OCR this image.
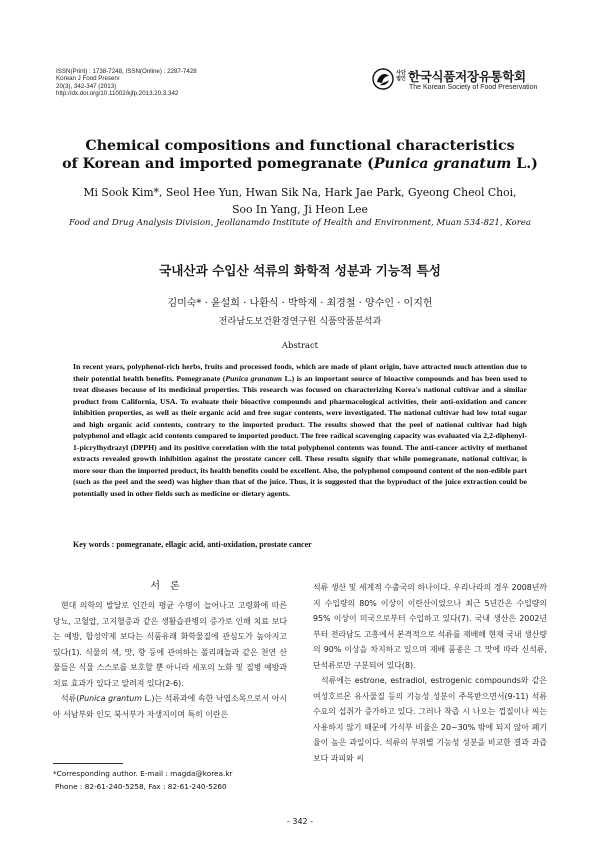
ISSN(Print) : 1738-7248, ISSN(Online) : 2287-7428
Korean J Food Preserv
20(3), 342-347 (2013)
http://dx.doi.org/10.11002/kjfp.2013.20.3.342
사단
법인 한국식품저장유통학회
The Korean Society of Food Preservation
Chemical compositions and functional characteristics
of Korean and imported pomegranate (Punica granatum L.)
Mi Sook Kim*, Seol Hee Yun, Hwan Sik Na, Hark Jae Park, Gyeong Cheol Choi,
Soo In Yang, Ji Heon Lee
Food and Drug Analysis Division, Jeollanamdo Institute of Health and Environment, Muan 534-821, Korea
국내산과 수입산 석류의 화학적 성분과 기능적 특성
김미숙* · 윤설희 · 나환식 · 박학재 · 최경철 · 양수인 · 이지헌
전라남도보건환경연구원 식품약품분석과
Abstract

In recent years, polyphenol-rich herbs, fruits and processed foods, which are made of plant origin, have attracted much attention due to their potential health benefits. Pomegranate (Punica granatum L.) is an important source of bioactive compounds and has been used to treat diseases because of its medicinal properties. This research was focused on characterizing Korea's national cultivar and a similar product from California, USA. To evaluate their bioactive compounds and pharmacological activities, their anti-oxidation and cancer inhibition properties, as well as their organic acid and free sugar contents, were investigated. The national cultivar had low total sugar and high organic acid contents, contrary to the imported product. The results showed that the peel of national cultivar had high polyphenol and ellagic acid contents compared to imported product. The free radical scavenging capacity was evaluated via 2,2-diphenyl-1-picrylhydrazyl (DPPH) and its positive correlation with the total polyphenol contents was found. The anti-cancer activity of methanol extracts revealed growth inhibition against the prostate cancer cell. These results signify that while pomegranate, national cultivar, is more sour than the imported product, its health benefits could be excellent. Also, the polyphenol compound content of the non-edible part (such as the peel and the seed) was higher than that of the juice. Thus, it is suggested that the byproduct of the juice extraction could be potentially used in other fields such as medicine or dietary agents.

Key words : pomegranate, ellagic acid, anti-oxidation, prostate cancer
서론

현대 의학의 발달로 인간의 평균 수명이 늘어나고 고령화에 따른 당뇨, 고혈압, 고지혈증과 같은 생활습관병의 증가로 인해 치료 보다는 예방, 합성약제 보다는 식품유래 화학물질에 관심도가 높아지고 있다(1). 식물의 색, 맛, 향 등에 관여하는 폴리페놀과 같은 천연 산물들은 식물 스스로를 보호할 뿐 아니라 세포의 노화 및 질병 예방과 치료 효과가 있다고 알려져 있다(2-6).

석류(Punica grantum L.)는 석류과에 속한 낙엽소목으로서 아시아 서남부와 인도 북서부가 자생지이며 특히 이란은

석류 생산 및 세계적 수출국의 하나이다. 우리나라의 경우 2008년까지 수입량의 80% 이상이 이란산이었으나 최근 5년간은 수입량의 95% 이상이 미국으로부터 수입하고 있다(7). 국내 생산은 2002년부터 전라남도 고흥에서 본격적으로 석류를 재배해 현재 국내 생산량의 90% 이상을 차지하고 있으며 재배 품종은 그 맛에 따라 신석류, 단석류로만 구분되어 있다(8).

석류에는 estrone, estradiol, estrogenic compounds와 같은 여성호르몬 유사물질 등의 기능성 성분이 주목받으면서(9-11) 석류 수요의 섭취가 증가하고 있다. 그러나 착즙 시 나오는 껍질이나 씨는 사용하지 않기 때문에 가식부 비율은 20~30% 밖에 되지 않아 폐기율이 높은 과일이다. 석류의 부위별 기능성 성분을 비교한 결과 과즙보다 과피와 씨

*Corresponding author. E-mail : magda@korea.kr
Phone : 82-61-240-5258, Fax : 82-61-240-5260
- 342 -
